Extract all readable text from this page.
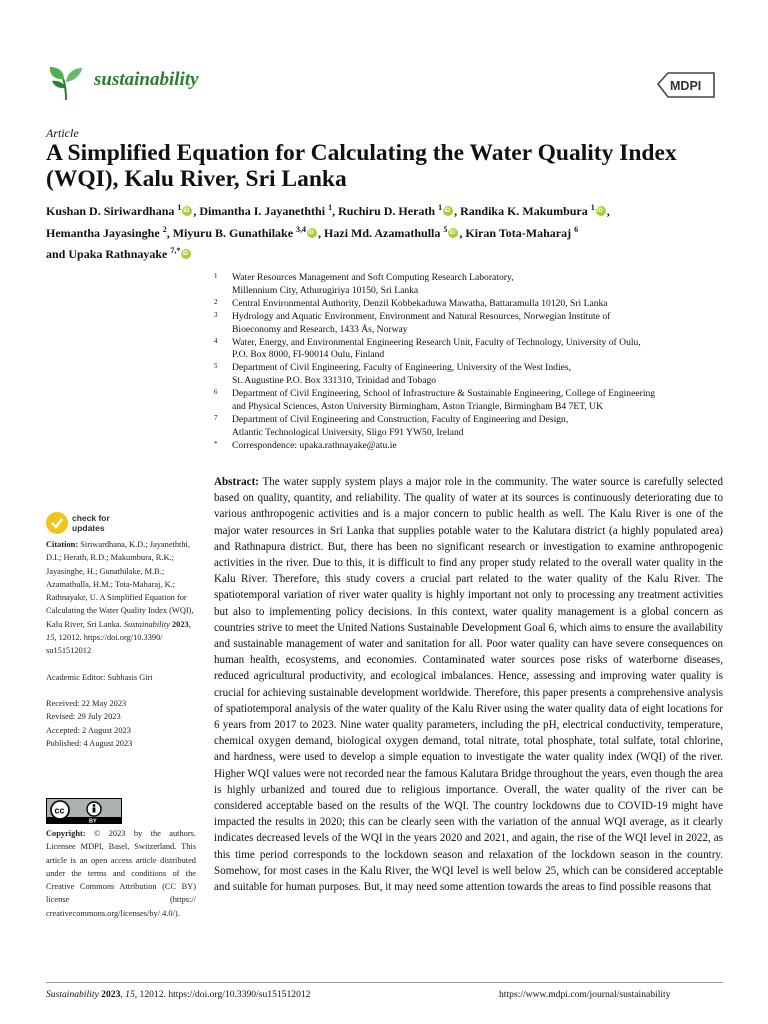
sustainability	MDPI
Article
A Simplified Equation for Calculating the Water Quality Index (WQI), Kalu River, Sri Lanka
Kushan D. Siriwardhana $^1$ iD , Dimantha I. Jayaneththi $^1$, Ruchiru D. Herath $^1$ iD , Randika K. Makumbura $^1$ iD ,
Hemantha Jayasinghe $^2$, Miyuru B. Gunathilake $^{3,4}$ iD , Hazi Md. Azamathulla $^5$ iD , Kiran Tota-Maharaj $^6$
and Upaka Rathnayake $^{7,*}$iD
1 Water Resources Management and Soft Computing Research Laboratory,
Millennium City, Athurugiriya 10150, Sri Lanka
2 Central Environmental Authority, Denzil Kobbekaduwa Mawatha, Battaramulla 10120, Sri Lanka
3 Hydrology and Aquatic Environment, Environment and Natural Resources, Norwegian Institute of
Bioeconomy and Research, 1433 Ås, Norway
4 Water, Energy, and Environmental Engineering Research Unit, Faculty of Technology, University of Oulu,
P.O. Box 8000, FI-90014 Oulu, Finland
5 Department of Civil Engineering, Faculty of Engineering, University of the West Indies,
St. Augustine P.O. Box 331310, Trinidad and Tobago
6 Department of Civil Engineering, School of Infrastructure & Sustainable Engineering, College of Engineering
and Physical Sciences, Aston University Birmingham, Aston Triangle, Birmingham B4 7ET, UK
7 Department of Civil Engineering and Construction, Faculty of Engineering and Design,
Atlantic Technological University, Sligo F91 YW50, Ireland
* Correspondence: upaka.rathnayake@atu.ie
check for
updates
Citation: Siriwardhana, K.D.; Jayaneththi, D.I.; Herath, R.D.; Makumbura, R.K.; Jayasinghe, H.; Gunathilake, M.B.; Azamathulla, H.M.; Tota-Maharaj, K.; Rathnayake, U. A Simplified Equation for Calculating the Water Quality Index (WQI), Kalu River, Sri Lanka. Sustainability 2023, 15, 12012. https://doi.org/10.3390/ su151512012
Academic Editor: Subhasis Giri
Received: 22 May 2023
Revised: 29 July 2023
Accepted: 2 August 2023
Published: 4 August 2023
cc
BY
Copyright: © 2023 by the authors. Licensee MDPI, Basel, Switzerland. This article is an open access article distributed under the terms and conditions of the Creative Commons Attribution (CC BY) license (https:// creativecommons.org/licenses/by/ 4.0/).
Abstract: The water supply system plays a major role in the community. The water source is carefully selected based on quality, quantity, and reliability. The quality of water at its sources is continuously deteriorating due to various anthropogenic activities and is a major concern to public health as well. The Kalu River is one of the major water resources in Sri Lanka that supplies potable water to the Kalutara district (a highly populated area) and Rathnapura district. But, there has been no significant research or investigation to examine anthropogenic activities in the river. Due to this, it is difficult to find any proper study related to the overall water quality in the Kalu River. Therefore, this study covers a crucial part related to the water quality of the Kalu River. The spatiotemporal variation of river water quality is highly important not only to processing any treatment activities but also to implementing policy decisions. In this context, water quality management is a global concern as countries strive to meet the United Nations Sustainable Development Goal 6, which aims to ensure the availability and sustainable management of water and sanitation for all. Poor water quality can have severe consequences on human health, ecosystems, and economies. Contaminated water sources pose risks of waterborne diseases, reduced agricultural productivity, and ecological imbalances. Hence, assessing and improving water quality is crucial for achieving sustainable development worldwide. Therefore, this paper presents a comprehensive analysis of spatiotemporal analysis of the water quality of the Kalu River using the water quality data of eight locations for 6 years from 2017 to 2023. Nine water quality parameters, including the pH, electrical conductivity, temperature, chemical oxygen demand, biological oxygen demand, total nitrate, total phosphate, total sulfate, total chlorine, and hardness, were used to develop a simple equation to investigate the water quality index (WQI) of the river. Higher WQI values were not recorded near the famous Kalutara Bridge throughout the years, even though the area is highly urbanized and toured due to religious importance. Overall, the water quality of the river can be considered acceptable based on the results of the WQI. The country lockdowns due to COVID-19 might have impacted the results in 2020; this can be clearly seen with the variation of the annual WQI average, as it clearly indicates decreased levels of the WQI in the years 2020 and 2021, and again, the rise of the WQI level in 2022, as this time period corresponds to the lockdown season and relaxation of the lockdown season in the country. Somehow, for most cases in the Kalu River, the WQI level is well below 25, which can be considered acceptable and suitable for human purposes. But, it may need some attention towards the areas to find possible reasons that
Sustainability 2023, 15, 12012. https://doi.org/10.3390/su151512012	https://www.mdpi.com/journal/sustainability
